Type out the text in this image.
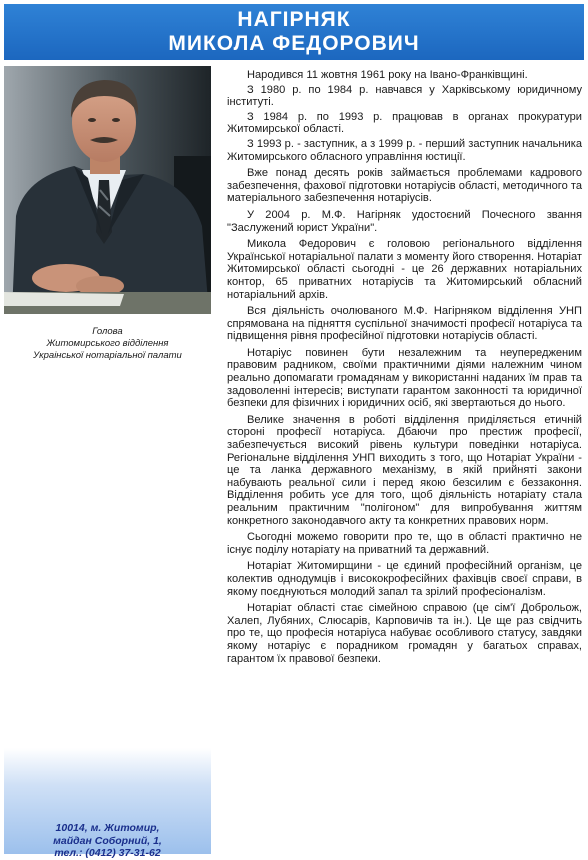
НАГІРНЯК
МИКОЛА ФЕДОРОВИЧ
Голова
Житомирського відділення
Украiнської нотаріальної палати
10014, м. Житомир,
майдан Соборний, 1,
тел.: (0412) 37-31-62

Народився 11 жовтня 1961 року на Івано-Франківщині.

З 1980 р. по 1984 р. навчався у Харківському юридичному інституті.

З 1984 р. по 1993 р. працював в органах прокуратури Житомирської області.

З 1993 р. - заступник, а з 1999 р. - перший заступник начальника Житомирського обласного управління юстиції.

Вже понад десять років займається проблемами кадрового забезпечення, фахової підготовки нотаріусів області, методичного та матеріального забезпечення нотаріусів.

У 2004 р. М.Ф. Нагірняк удостоєний Почесного звання "Заслужений юрист України".

Микола Федорович є головою регіонального відділення Української нотаріальної палати з моменту його створення. Нотаріат Житомирської області сьогодні - це 26 державних нотаріальних контор, 65 приватних нотаріусів та Житомирський обласний нотаріальний архів.

Вся діяльність очолюваного М.Ф. Нагірняком відділення УНП спрямована на підняття суспільної значимості професії нотаріуса та підвищення рівня професійної підготовки нотаріусів області.

Нотаріус повинен бути незалежним та неупередженим правовим радником, своїми практичними діями належним чином реально допомагати громадянам у використанні наданих їм прав та задоволенні інтересів; виступати гарантом законності та юридичної безпеки для фізичних і юридичних осіб, які звертаються до нього.

Велике значення в роботі відділення приділяється етичній стороні професії нотаріуса. Дбаючи про престиж професії, забезпечується високий рівень культури поведінки нотаріуса. Регіональне відділення УНП виходить з того, що Нотаріат України - це та ланка державного механізму, в якій прийняті закони набувають реальної сили і перед якою безсилим є беззаконня. Відділення робить усе для того, щоб діяльність нотаріату стала реальним практичним "полігоном" для випробування життям конкретного законодавчого акту та конкретних правових норм.

Сьогодні можемо говорити про те, що в області практично не існує поділу нотаріату на приватний та державний.

Нотаріат Житомирщини - це єдиний професійний організм, це колектив однодумців і висококрофесійних фахівців своєї справи, в якому поєднуються молодий запал та зрілий професіоналізм.

Нотаріат області стає сімейною справою (це сім'ї Доброльож, Халеп, Лубяних, Слюсарів, Карповичів та ін.). Це ще раз свідчить про те, що професія нотаріуса набуває особливого статусу, завдяки якому нотаріус є порадником громадян у багатьох справах, гарантом їх правової безпеки.
